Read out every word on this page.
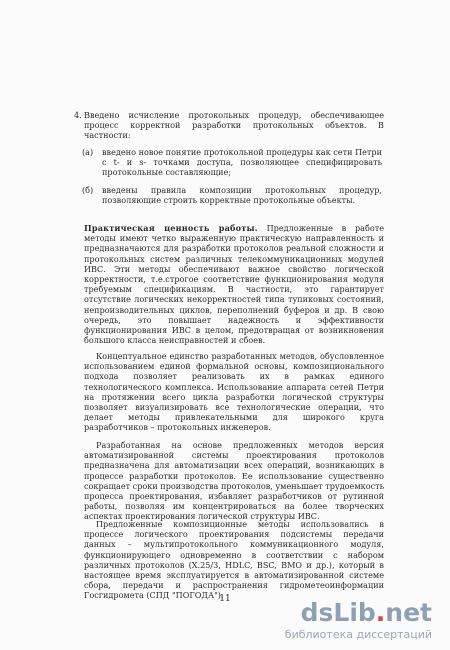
4. Введено исчисление протокольных процедур, обеспечивающее процесс корректной разработки протокольных объектов. В частности:
(а) введено новое понятие протокольной процедуры как сети Петри с t- и s- точками доступа, позволяющее специфицировать протокольные составляющие;
(б) введены правила композиции протокольных процедур, позволяющие строить корректные протокольные объекты.
Практическая ценность работы. Предложенные в работе методы имеют четко выраженную практическую направленность и предназначаются для разработки протоколов реальной сложности и протокольных систем различных телекоммуникационных модулей ИВС. Эти методы обеспечивают важное свойство логической корректности, т.е.строгое соответствие функционирования модуля требуемым спецификациям. В частности, это гарантирует отсутствие логических некорректностей типа тупиковых состояний, непроизводительных циклов, переполнений буферов и др. В свою очередь, это повышает надежность и эффективности функционирования ИВС в целом, предотвращая от возникновения большого класса неисправностей и сбоев.
Концептуальное единство разработанных методов, обусловленное использованием единой формальной основы, композиционального подхода позволяет реализовать их в рамках единого технологического комплекса. Использование аппарата сетей Петри на протяжении всего цикла разработки логической структуры позволяет визуализировать все технологические операции, что делает методы привлекательными для широкого круга разработчиков – протокольных инженеров.
Разработанная на основе предложенных методов версия автоматизированной системы проектирования протоколов предназначена для автоматизации всех операций, возникающих в процессе разработки протоколов. Ее использование существенно сокращает сроки производства протоколов, уменьшает трудоемкость процесса проектирования, избавляет разработчиков от рутинной работы, позволяя им концентрироваться на более творческих аспектах проектирования логической структуры ИВС.
Предложенные композиционные методы использовались в процессе логического проектирования подсистемы передачи данных – мультипротокольного коммуникационного модуля, функционирующего одновременно в соответствии с набором различных протоколов (X.25/3, HDLC, BSC, BMO и др.), который в настоящее время эксплуатируется в автоматизированной системе сбора, передачи и распространения гидрометеоинформации Госгидромета (СПД "ПОГОДА").
11	dsLib.net
библиотека диссертаций
